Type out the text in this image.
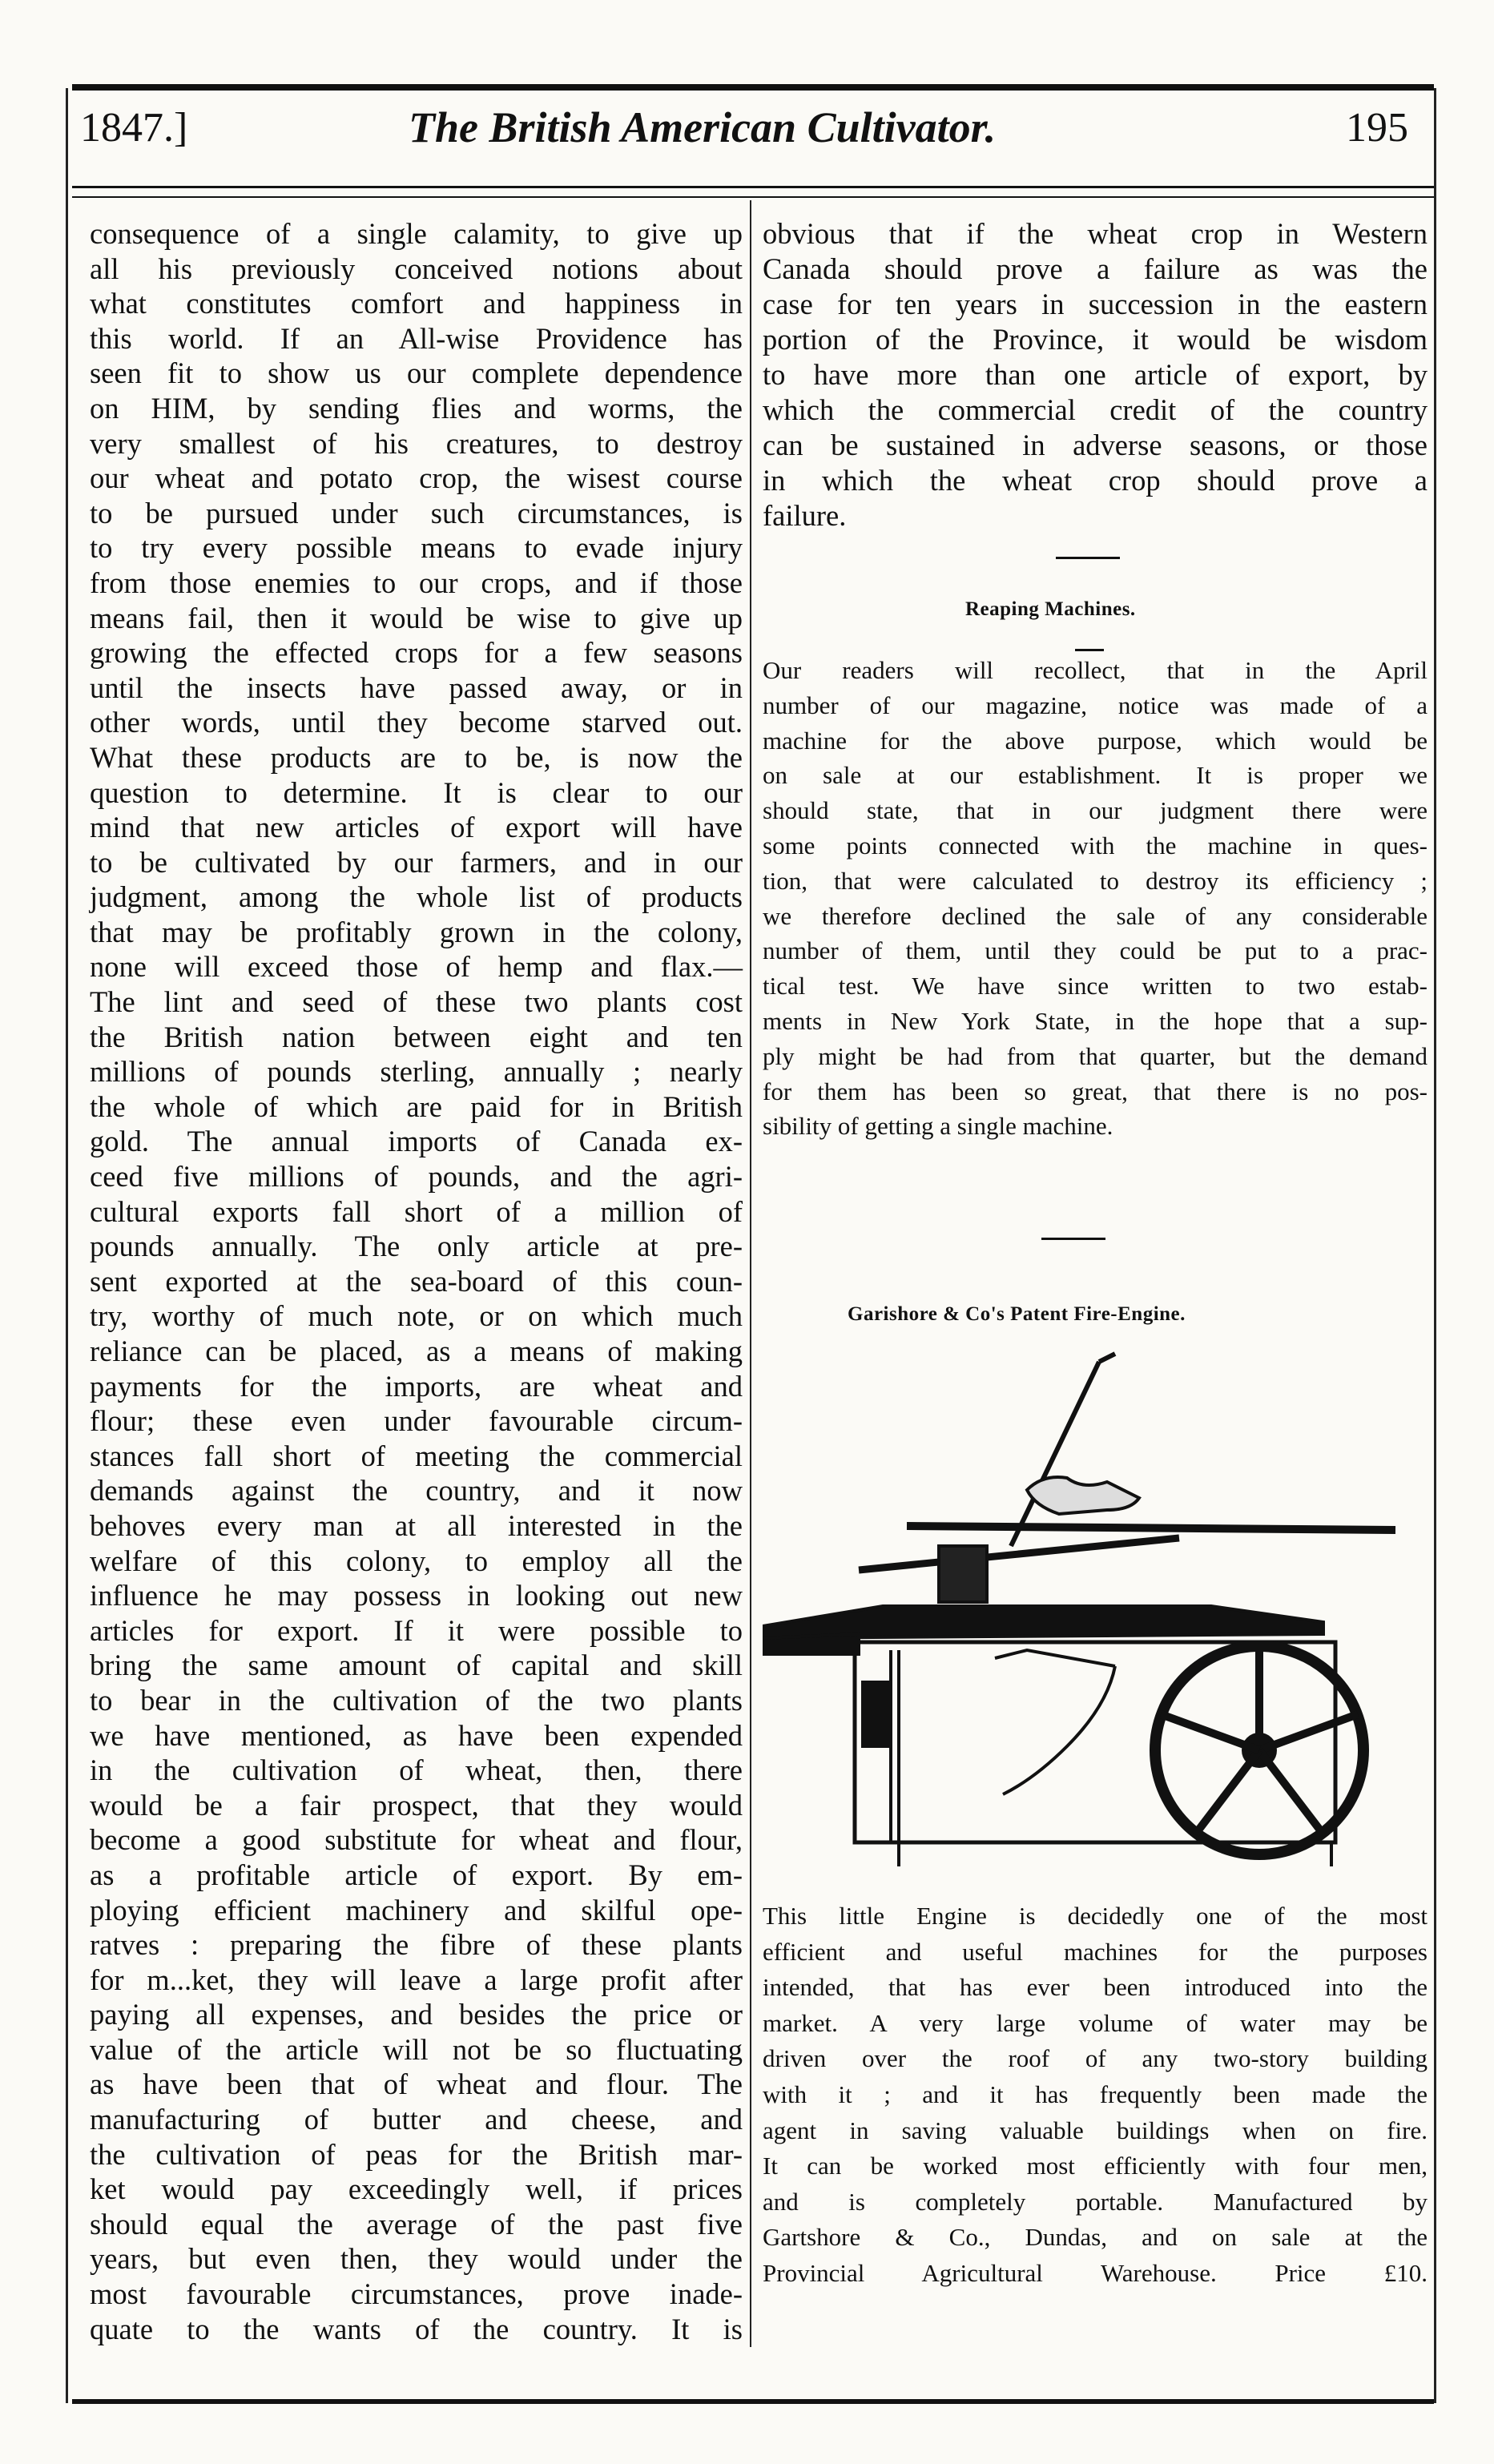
1847.]	The British American Cultivator.	195
consequence of a single calamity, to give up
all his previously conceived notions about
what constitutes comfort and happiness in
this world. If an All-wise Providence has
seen fit to show us our complete dependence
on HIM, by sending flies and worms, the
very smallest of his creatures, to destroy
our wheat and potato crop, the wisest course
to be pursued under such circumstances, is
to try every possible means to evade injury
from those enemies to our crops, and if those
means fail, then it would be wise to give up
growing the effected crops for a few seasons
until the insects have passed away, or in
other words, until they become starved out.
What these products are to be, is now the
question to determine. It is clear to our
mind that new articles of export will have
to be cultivated by our farmers, and in our
judgment, among the whole list of products
that may be profitably grown in the colony,
none will exceed those of hemp and flax.—
The lint and seed of these two plants cost
the British nation between eight and ten
millions of pounds sterling, annually ; nearly
the whole of which are paid for in British
gold. The annual imports of Canada ex-
ceed five millions of pounds, and the agri-
cultural exports fall short of a million of
pounds annually. The only article at pre-
sent exported at the sea-board of this coun-
try, worthy of much note, or on which much
reliance can be placed, as a means of making
payments for the imports, are wheat and
flour; these even under favourable circum-
stances fall short of meeting the commercial
demands against the country, and it now
behoves every man at all interested in the
welfare of this colony, to employ all the
influence he may possess in looking out new
articles for export. If it were possible to
bring the same amount of capital and skill
to bear in the cultivation of the two plants
we have mentioned, as have been expended
in the cultivation of wheat, then, there
would be a fair prospect, that they would
become a good substitute for wheat and flour,
as a profitable article of export. By em-
ploying efficient machinery and skilful ope-
ratves : preparing the fibre of these plants
for m...ket, they will leave a large profit after
paying all expenses, and besides the price or
value of the article will not be so fluctuating
as have been that of wheat and flour. The
manufacturing of butter and cheese, and
the cultivation of peas for the British mar-
ket would pay exceedingly well, if prices
should equal the average of the past five
years, but even then, they would under the
most favourable circumstances, prove inade-
quate to the wants of the country. It is
obvious that if the wheat crop in Western
Canada should prove a failure as was the
case for ten years in succession in the eastern
portion of the Province, it would be wisdom
to have more than one article of export, by
which the commercial credit of the country
can be sustained in adverse seasons, or those
in which the wheat crop should prove a
failure.
Reaping Machines.
Our readers will recollect, that in the April
number of our magazine, notice was made of a
machine for the above purpose, which would be
on sale at our establishment. It is proper we
should state, that in our judgment there were
some points connected with the machine in ques-
tion, that were calculated to destroy its efficiency ;
we therefore declined the sale of any considerable
number of them, until they could be put to a prac-
tical test. We have since written to two estab-
ments in New York State, in the hope that a sup-
ply might be had from that quarter, but the demand
for them has been so great, that there is no pos-
sibility of getting a single machine.
Garishore & Co's Patent Fire-Engine.
This little Engine is decidedly one of the most
efficient and useful machines for the purposes
intended, that has ever been introduced into the
market. A very large volume of water may be
driven over the roof of any two-story building
with it ; and it has frequently been made the
agent in saving valuable buildings when on fire.
It can be worked most efficiently with four men,
and is completely portable. Manufactured by
Gartshore & Co., Dundas, and on sale at the
Provincial Agricultural Warehouse. Price £10.
